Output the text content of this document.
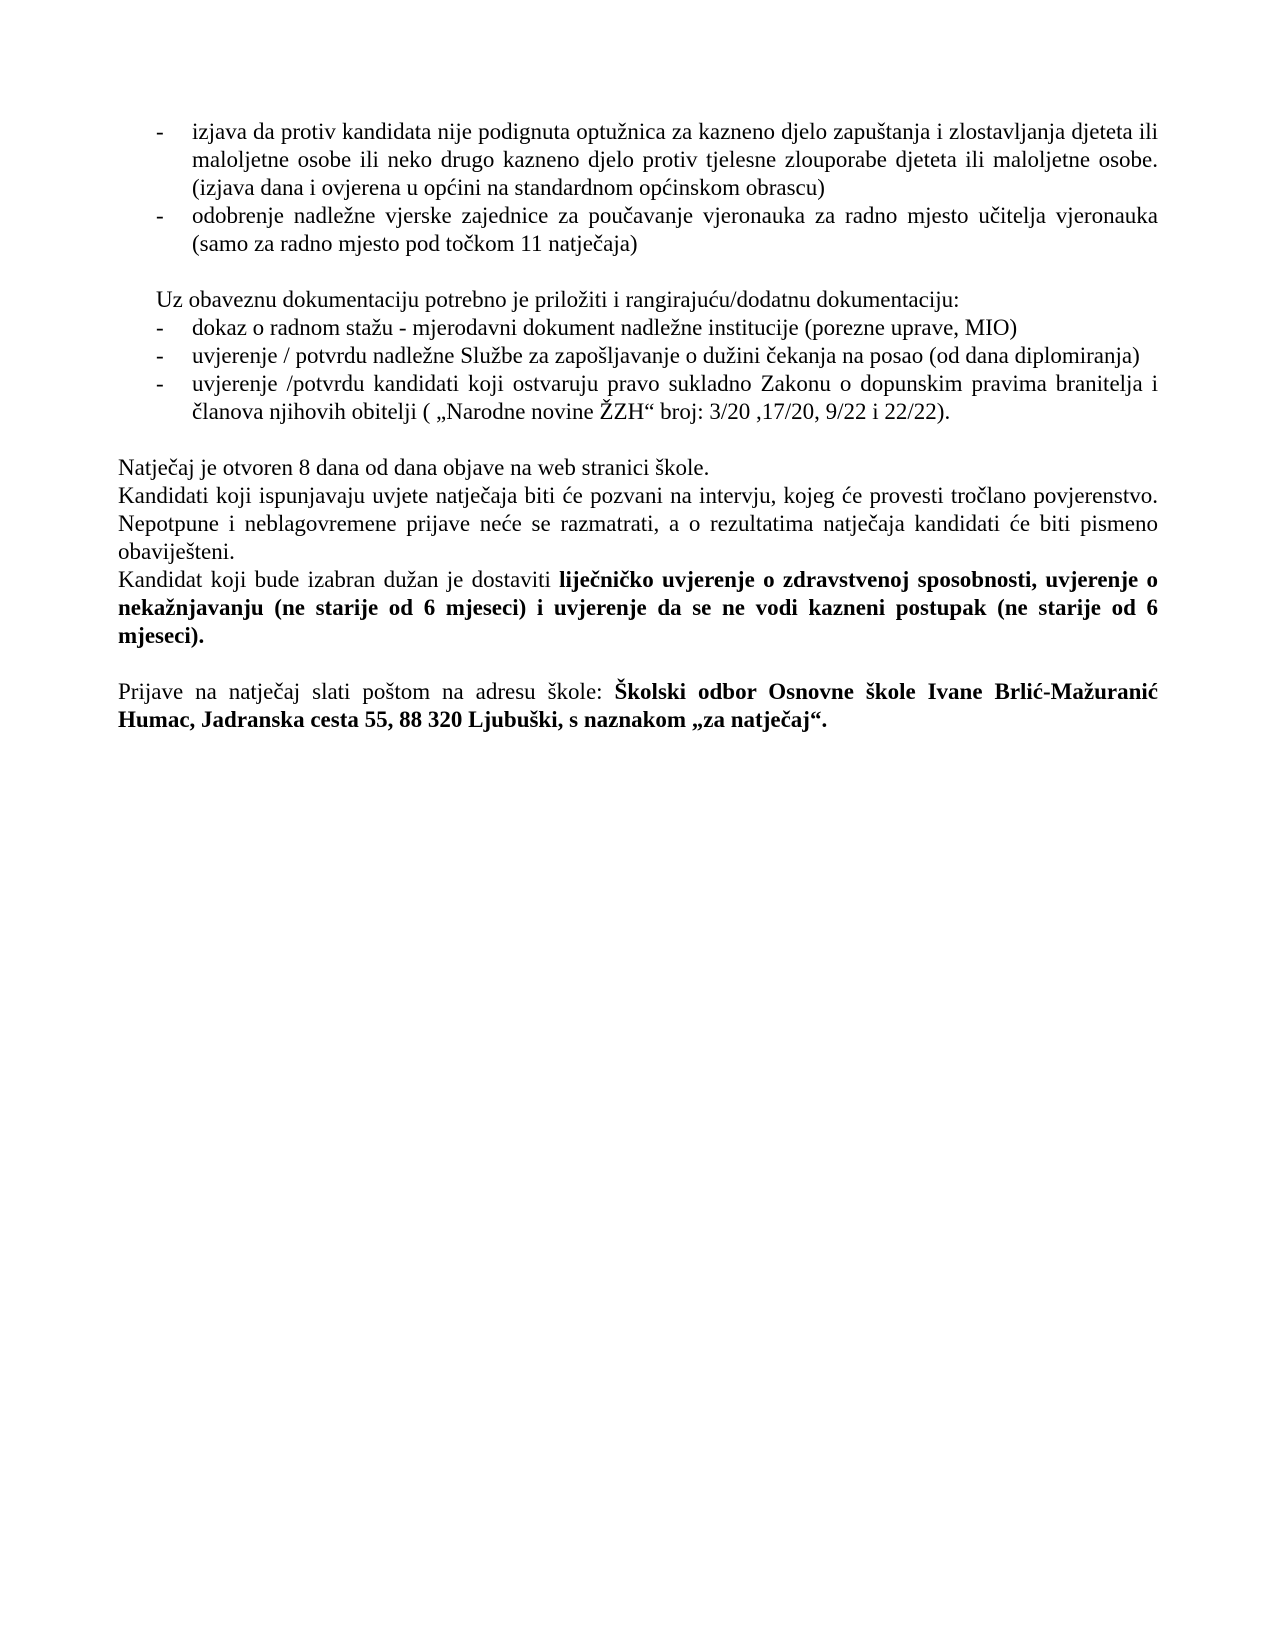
- izjava da protiv kandidata nije podignuta optužnica za kazneno djelo zapuštanja i zlostavljanja djeteta ili maloljetne osobe ili neko drugo kazneno djelo protiv tjelesne zlouporabe djeteta ili maloljetne osobe. (izjava dana i ovjerena u općini na standardnom općinskom obrascu)
- odobrenje nadležne vjerske zajednice za poučavanje vjeronauka za radno mjesto učitelja vjeronauka (samo za radno mjesto pod točkom 11 natječaja)

Uz obaveznu dokumentaciju potrebno je priložiti i rangirajuću/dodatnu dokumentaciju:

- dokaz o radnom stažu - mjerodavni dokument nadležne institucije (porezne uprave, MIO)
- uvjerenje / potvrdu nadležne Službe za zapošljavanje o dužini čekanja na posao (od dana diplomiranja)
- uvjerenje /potvrdu kandidati koji ostvaruju pravo sukladno Zakonu o dopunskim pravima branitelja i članova njihovih obitelji ( „Narodne novine ŽZH“ broj: 3/20 ,17/20, 9/22 i 22/22).

Natječaj je otvoren 8 dana od dana objave na web stranici škole.

Kandidati koji ispunjavaju uvjete natječaja biti će pozvani na intervju, kojeg će provesti tročlano povjerenstvo. Nepotpune i neblagovremene prijave neće se razmatrati, a o rezultatima natječaja kandidati će biti pismeno obaviješteni.

Kandidat koji bude izabran dužan je dostaviti liječničko uvjerenje o zdravstvenoj sposobnosti, uvjerenje o nekažnjavanju (ne starije od 6 mjeseci) i uvjerenje da se ne vodi kazneni postupak (ne starije od 6 mjeseci).

Prijave na natječaj slati poštom na adresu škole: Školski odbor Osnovne škole Ivane Brlić-Mažuranić Humac, Jadranska cesta 55, 88 320 Ljubuški, s naznakom „za natječaj“.
